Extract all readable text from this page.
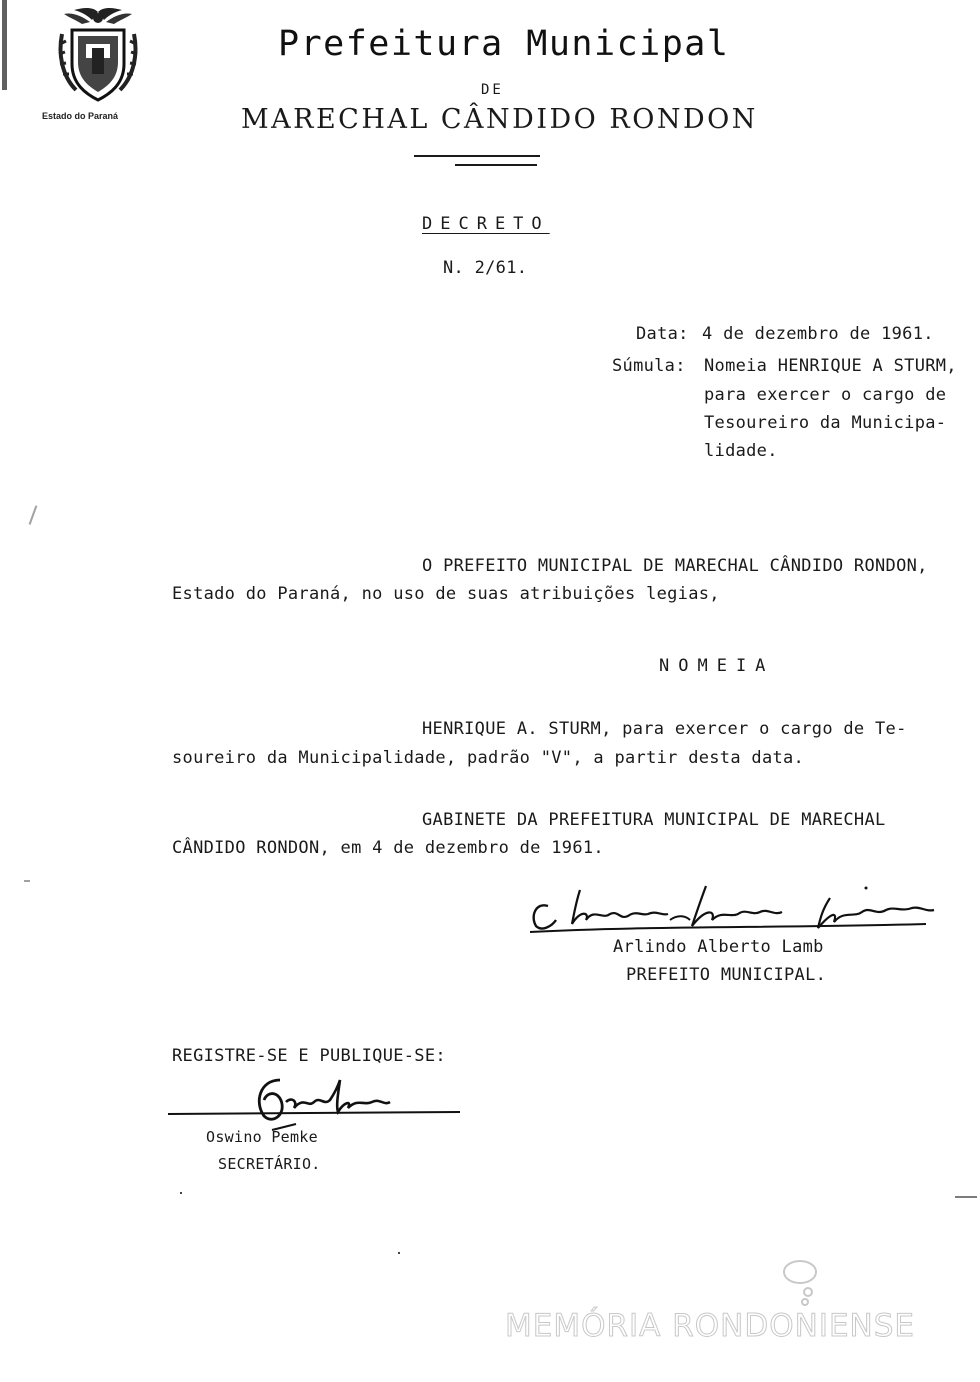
Estado do Paraná
Prefeitura Municipal
DE
MARECHAL CÂNDIDO RONDON
DECRETO
N. 2/61.
Data: 4 de dezembro de 1961.
Súmula: Nomeia HENRIQUE A STURM,
para exercer o cargo de
Tesoureiro da Municipa-
lidade.
O PREFEITO MUNICIPAL DE MARECHAL CÂNDIDO RONDON,
Estado do Paraná, no uso de suas atribuições legias,
NOMEIA
HENRIQUE A. STURM, para exercer o cargo de Te-
soureiro da Municipalidade, padrão "V", a partir desta data.
GABINETE DA PREFEITURA MUNICIPAL DE MARECHAL
CÂNDIDO RONDON, em 4 de dezembro de 1961.
Arlindo Alberto Lamb
PREFEITO MUNICIPAL.
REGISTRE-SE E PUBLIQUE-SE:
Oswino Pemke
SECRETÁRIO.
MEMÓRIA RONDONIENSE
